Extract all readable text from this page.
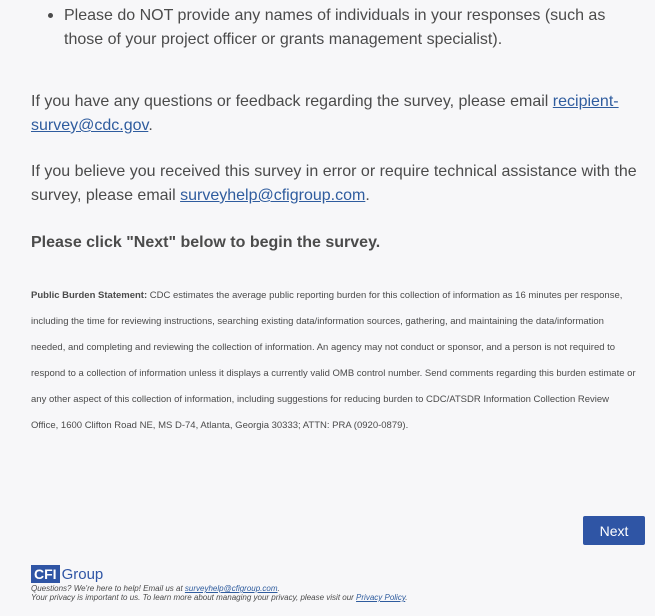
Please do NOT provide any names of individuals in your responses (such as those of your project officer or grants management specialist).

If you have any questions or feedback regarding the survey, please email recipient-survey@cdc.gov.

If you believe you received this survey in error or require technical assistance with the survey, please email surveyhelp@cfigroup.com.

Please click "Next" below to begin the survey.
Public Burden Statement: CDC estimates the average public reporting burden for this collection of information as 16 minutes per response, including the time for reviewing instructions, searching existing data/information sources, gathering, and maintaining the data/information needed, and completing and reviewing the collection of information. An agency may not conduct or sponsor, and a person is not required to respond to a collection of information unless it displays a currently valid OMB control number. Send comments regarding this burden estimate or any other aspect of this collection of information, including suggestions for reducing burden to CDC/ATSDR Information Collection Review Office, 1600 Clifton Road NE, MS D-74, Atlanta, Georgia 30333; ATTN: PRA (0920-0879).
Next
CFI Group
Questions? We're here to help! Email us at surveyhelp@cfigroup.com.
Your privacy is important to us. To learn more about managing your privacy, please visit our Privacy Policy.
